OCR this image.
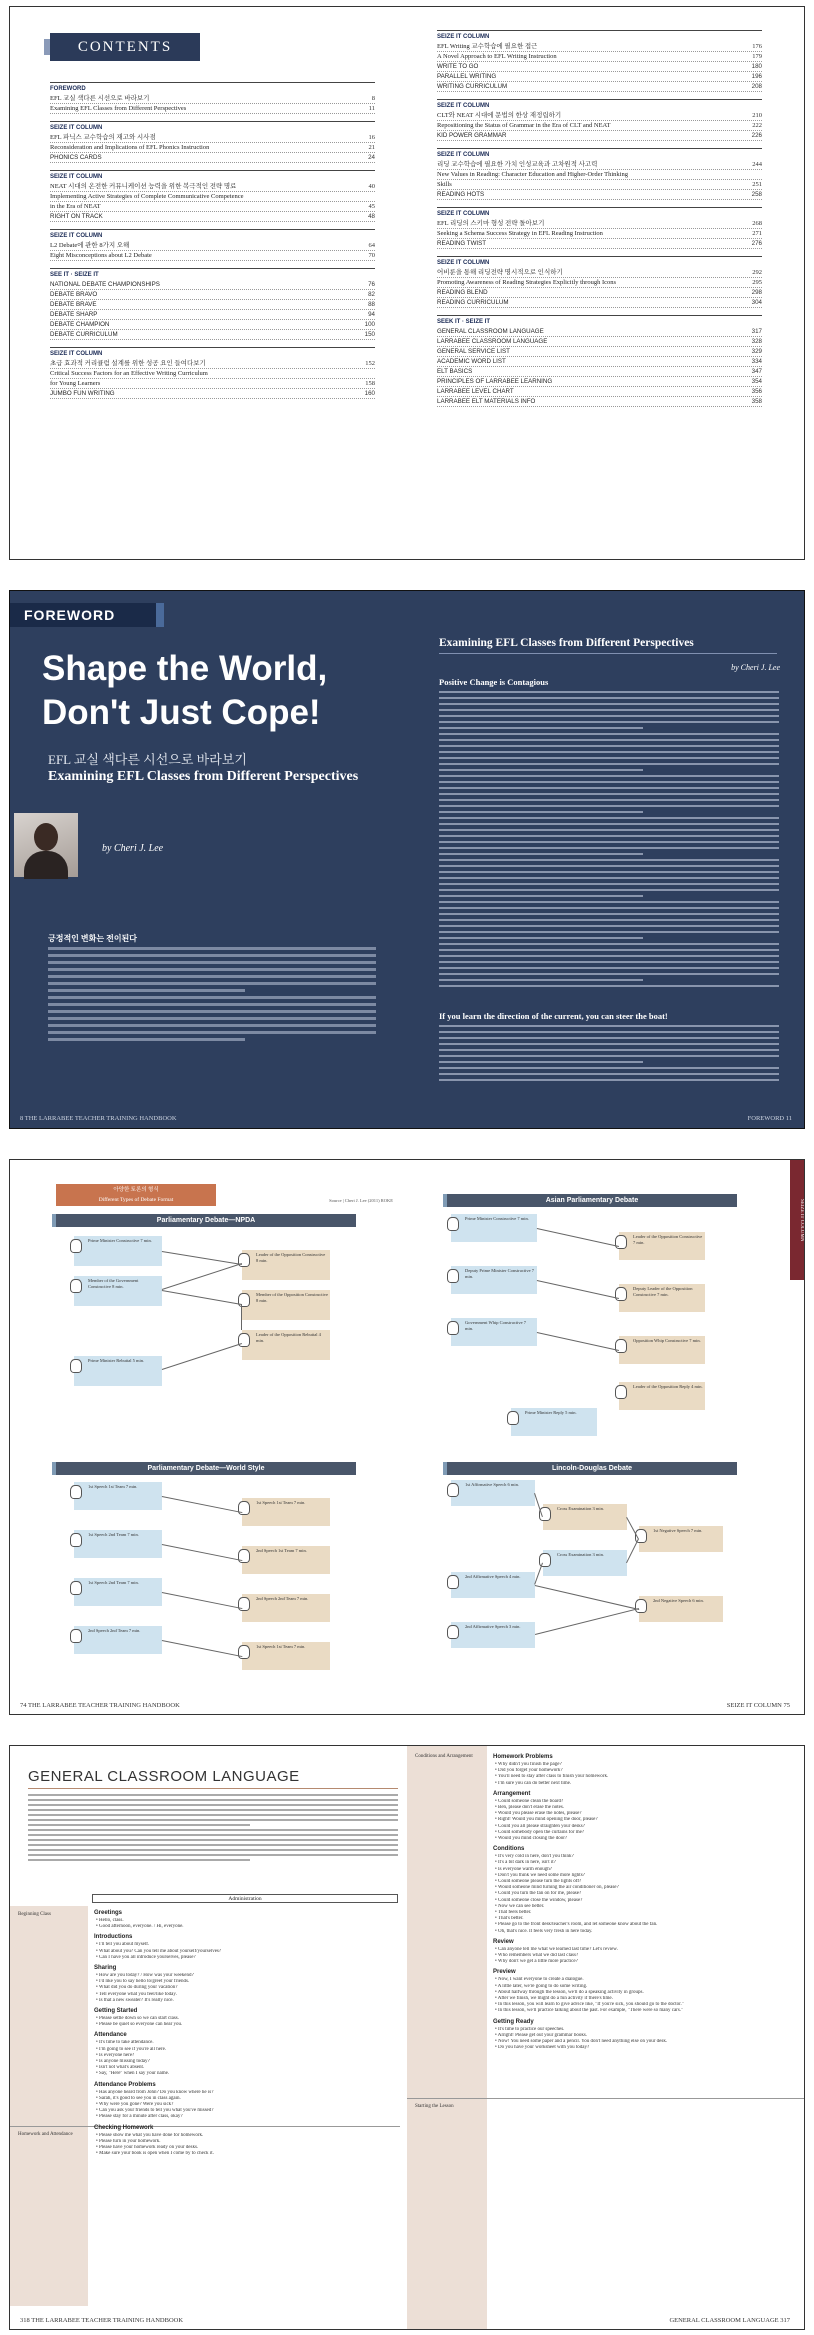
CONTENTS
FOREWORD
EFL 교실 색다른 시선으로 바라보기	8
Examining EFL Classes from Different Perspectives	11
SEIZE IT COLUMN
EFL 파닉스 교수학습의 재고와 시사점	16
Reconsideration and Implications of EFL Phonics Instruction	21
PHONICS CARDS	24
SEIZE IT COLUMN
NEAT 시대의 온전한 커뮤니케이션 능력을 위한 복극적인 전략 명료	40
Implementing Active Strategies of Complete Communicative Competence
in the Era of NEAT	45
RIGHT ON TRACK	48
SEIZE IT COLUMN
L2 Debate에 관한 8가지 오해	64
Eight Misconceptions about L2 Debate	70
SEE IT · SEIZE IT
NATIONAL DEBATE CHAMPIONSHIPS	76
DEBATE BRAVO	82
DEBATE BRAVE	88
DEBATE SHARP	94
DEBATE CHAMPION	100
DEBATE CURRICULUM	150
SEIZE IT COLUMN
초급 효과적 커리큘럼 설계를 위한 성공 요인 들여다보기	152
Critical Success Factors for an Effective Writing Curriculum
for Young Learners	158
JUMBO FUN WRITING	160
SEIZE IT COLUMN
EFL Writing 교수학습에 필요한 접근	176
A Novel Approach to EFL Writing Instruction	179
WRITE TO GO	180
PARALLEL WRITING	196
WRITING CURRICULUM	208
SEIZE IT COLUMN
CLT와 NEAT 시대에 문법의 한상 재정립하기	210
Repositioning the Status of Grammar in the Era of CLT and NEAT	222
KID POWER GRAMMAR	226
SEIZE IT COLUMN
리딩 교수학습에 필요한 가치 인성교육과 고차원적 사고력	244
New Values in Reading: Character Education and Higher-Order Thinking
Skills	251
READING HOTS	258
SEIZE IT COLUMN
EFL 리딩의 스키마 형성 전략 돌아보기	268
Seeking a Schema Success Strategy in EFL Reading Instruction	271
READING TWIST	276
SEIZE IT COLUMN
어비룬을 통해 리딩전략 명시적으로 인식하기	292
Promoting Awareness of Reading Strategies Explicitly through Icons	295
READING BLEND	298
READING CURRICULUM	304
SEEK IT · SEIZE IT
GENERAL CLASSROOM LANGUAGE	317
LARRABEE CLASSROOM LANGUAGE	328
GENERAL SERVICE LIST	329
ACADEMIC WORD LIST	334
ELT BASICS	347
PRINCIPLES OF LARRABEE LEARNING	354
LARRABEE LEVEL CHART	356
LARRABEE ELT MATERIALS INFO	358
FOREWORD
Shape the World,
Don't Just Cope!
EFL 교실 색다른 시선으로 바라보기
Examining EFL Classes from Different Perspectives
by Cheri J. Lee
긍정적인 변화는 전이된다
8 THE LARRABEE TEACHER TRAINING HANDBOOK
Examining EFL Classes from Different Perspectives
by Cheri J. Lee
Positive Change is Contagious
If you learn the direction of the current, you can steer the boat!
FOREWORD 11
아양한 토론의 형식
Different Types of Debate Format	Source | Cheri J. Lee (2011) ROKE
Parliamentary Debate—NPDA
Parliamentary Debate—World Style
74 THE LARRABEE TEACHER TRAINING HANDBOOK
Prime Minister Constructive 7 min.
Leader of the Opposition Constructive 8 min.
Member of the Government Constructive 8 min.
Member of the Opposition Constructive 8 min.
Leader of the Opposition Rebuttal 4 min.
Prime Minister Rebuttal 5 min.
1st Speech 1st Team 7 min.
1st Speech 1st Team 7 min.
1st Speech 2nd Team 7 min.
2nd Speech 1st Team 7 min.
1st Speech 2nd Team 7 min.
2nd Speech 2nd Team 7 min.
2nd Speech 2nd Team 7 min.
1st Speech 1st Team 7 min.
SEIZE IT COLUMN
Asian Parliamentary Debate
Lincoln-Douglas Debate
SEIZE IT COLUMN 75
Prime Minister Constructive 7 min.
Leader of the Opposition Constructive 7 min.
Deputy Prime Minister Constructive 7 min.
Deputy Leader of the Opposition Constructive 7 min.
Government Whip Constructive 7 min.
Opposition Whip Constructive 7 min.
Leader of the Opposition Reply 4 min.
Prime Minister Reply 5 min.
1st Affirmative Speech 6 min.
Cross Examination 3 min.
1st Negative Speech 7 min.
Cross Examination 3 min.
2nd Affirmative Speech 4 min.
2nd Negative Speech 6 min.
2nd Affirmative Speech 3 min.
GENERAL CLASSROOM LANGUAGE
Administration
Beginning Class
Homework and Attendance
318 THE LARRABEE TEACHER TRAINING HANDBOOK
Greetings
• Hello, class.
• Good afternoon, everyone. / Hi, everyone.
Introductions
• I'll tell you about myself.
• What about you? Can you tell me about yourself/yourselves?
• Can I have you all introduce yourselves, please?
Sharing
• How are you today? / How was your weekend?
• I'd like you to say hello to/greet your friends.
• What did you do during your vacation?
• Tell everyone what you feel/like today.
• Is that a new sweater? It's really nice.
Getting Started
• Please settle down so we can start class.
• Please be quiet so everyone can hear you.
Attendance
• It's time to take attendance.
• I'm going to see if you're all here.
• Is everyone here?
• Is anyone missing today?
• Isn't not what's absent.
• Say, "Here" when I say your name.
Attendance Problems
• Has anyone heard from John? Do you know where he is?
• Sarah, it's good to see you in class again.
• Why were you gone? Were you sick?
• Can you ask your friends to tell you what you've missed?
• Please stay for a minute after class, okay?
Checking Homework
• Please show me what you have done for homework.
• Please turn in your homework.
• Please have your homework ready on your desks.
• Make sure your book is open when I come by to check it.
Conditions and Arrangement
Starting the Lesson
GENERAL CLASSROOM LANGUAGE 317
Homework Problems
• Why didn't you finish the page?
• Did you forget your homework?
• You'll need to stay after class to finish your homework.
• I'm sure you can do better next time.
Arrangement
• Could someone clean the board?
• Ben, please don't erase the notes.
• Would you please erase the notes, please?
• Right! Would you mind opening the door, please?
• Could you all please straighten your desks?
• Could somebody open the curtains for me?
• Would you mind closing the door?
Conditions
• It's very cold in here, don't you think?
• It's a bit dark in here, isn't it?
• Is everyone warm enough?
• Don't you think we need some more lights?
• Could someone please turn the lights off?
• Would someone mind turning the air conditioner on, please?
• Could you turn the fan on for me, please?
• Could someone close the window, please?
• Now we can see better.
• That feels better.
• That's better.
• Please go to the front desk/teacher's room, and let someone know about the fan.
• Oh, that's nice. It feels very fresh in here today.
Review
• Can anyone tell me what we learned last time? Let's review.
• Who remembers what we did last class?
• Why don't we get a little more practice?
Preview
• Now, I want everyone to create a dialogue.
• A little later, we're going to do some writing.
• About halfway through the lesson, we'll do a speaking activity in groups.
• After we finish, we might do a fun activity if there's time.
• In this lesson, you will learn to give advice like, "If you're sick, you should go to the doctor."
• In this lesson, we'll practice talking about the past. For example, "There were so many cars."
Getting Ready
• It's time to practice our speeches.
• Alright! Please get out your grammar books.
• Now! You need some paper and a pencil. You don't need anything else on your desk.
• Do you have your worksheet with you today?
